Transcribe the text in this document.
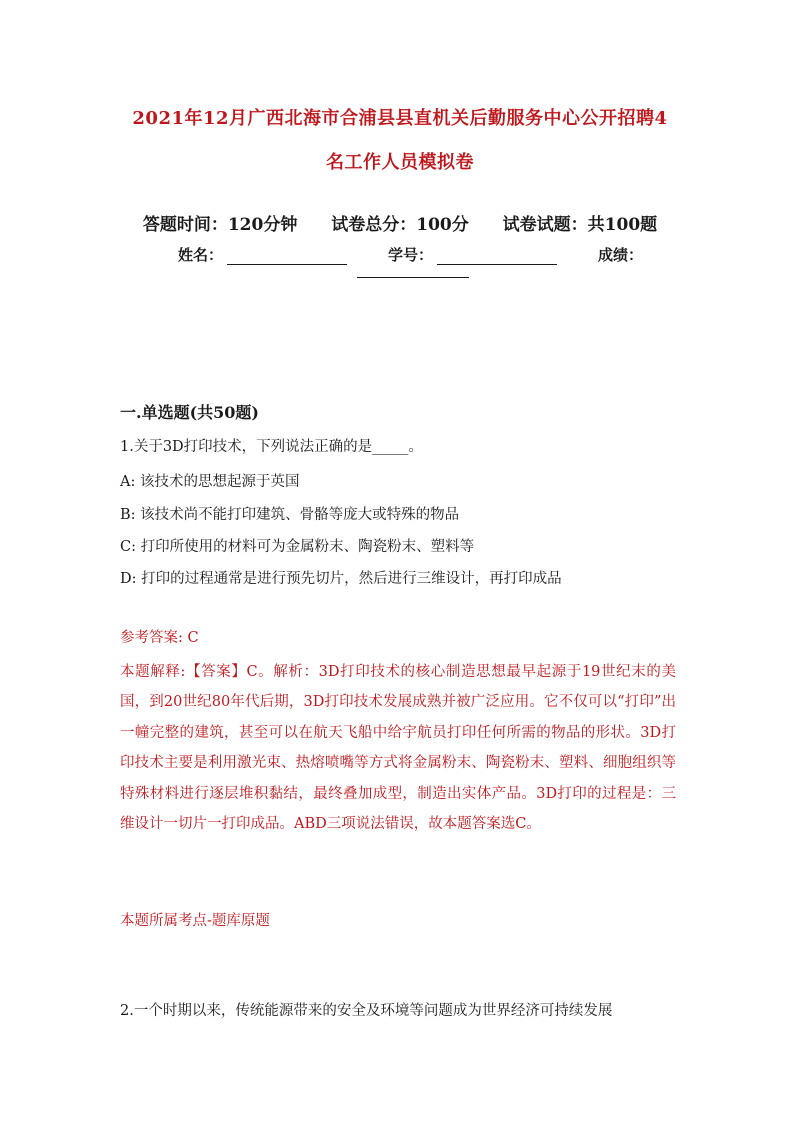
2021年12月广西北海市合浦县县直机关后勤服务中心公开招聘4
名工作人员模拟卷
答题时间：120分钟 试卷总分：100分 试卷试题：共100题
姓名：	学号：	成绩：
一.单选题(共50题)
1.关于3D打印技术，下列说法正确的是_____。
A: 该技术的思想起源于英国
B: 该技术尚不能打印建筑、骨骼等庞大或特殊的物品
C: 打印所使用的材料可为金属粉末、陶瓷粉末、塑料等
D: 打印的过程通常是进行预先切片，然后进行三维设计，再打印成品
参考答案: C
本题解释:【答案】C。解析：3D打印技术的核心制造思想最早起源于19世纪末的美国，到20世纪80年代后期，3D打印技术发展成熟并被广泛应用。它不仅可以“打印”出一幢完整的建筑，甚至可以在航天飞船中给宇航员打印任何所需的物品的形状。3D打印技术主要是利用激光束、热熔喷嘴等方式将金属粉末、陶瓷粉末、塑料、细胞组织等特殊材料进行逐层堆积黏结，最终叠加成型，制造出实体产品。3D打印的过程是：三维设计一切片一打印成品。ABD三项说法错误，故本题答案选C。
本题所属考点-题库原题
2.一个时期以来，传统能源带来的安全及环境等问题成为世界经济可持续发展
